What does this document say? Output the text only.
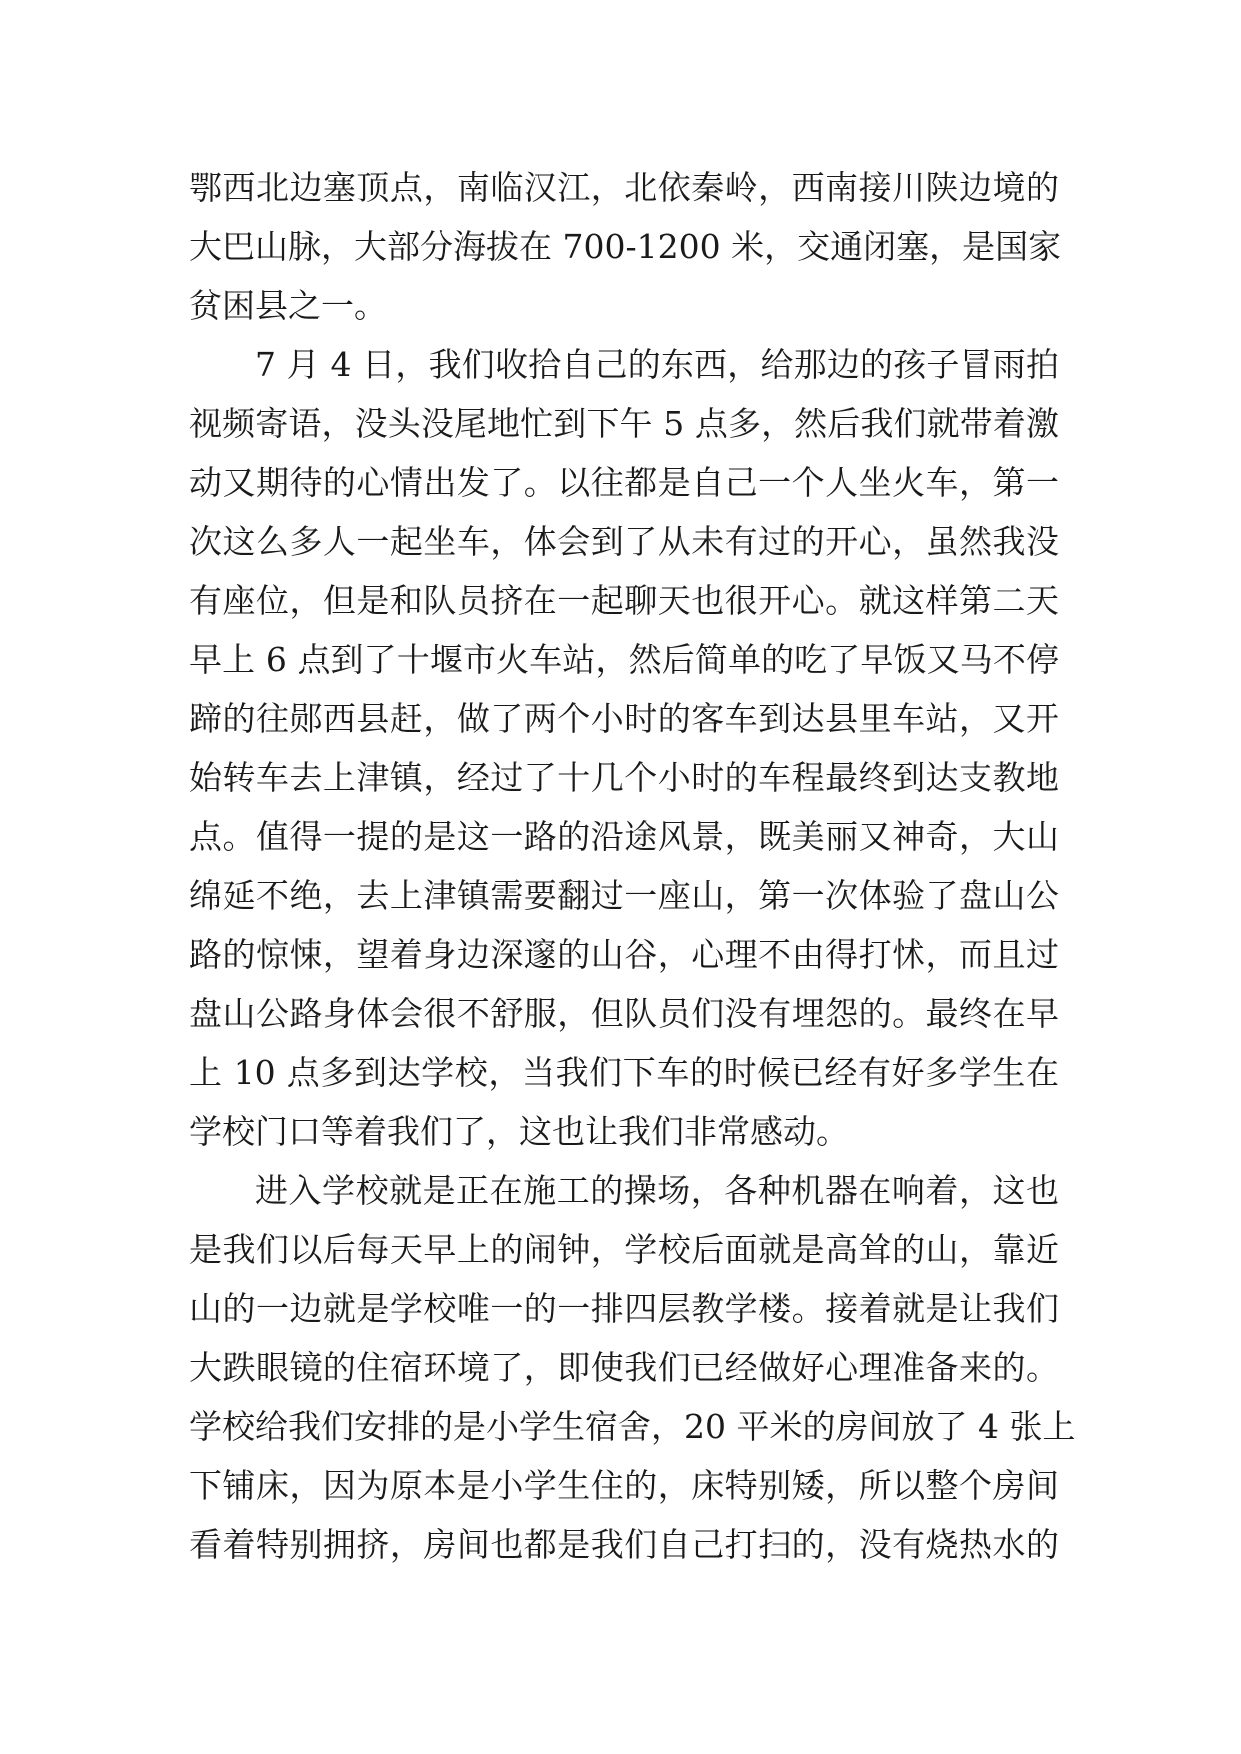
鄂西北边塞顶点，南临汉江，北依秦岭，西南接川陕边境的
大巴山脉，大部分海拔在 700-1200 米，交通闭塞，是国家
贫困县之一。
7 月 4 日，我们收拾自己的东西，给那边的孩子冒雨拍
视频寄语，没头没尾地忙到下午 5 点多，然后我们就带着激
动又期待的心情出发了。以往都是自己一个人坐火车，第一
次这么多人一起坐车，体会到了从未有过的开心，虽然我没
有座位，但是和队员挤在一起聊天也很开心。就这样第二天
早上 6 点到了十堰市火车站，然后简单的吃了早饭又马不停
蹄的往郧西县赶，做了两个小时的客车到达县里车站，又开
始转车去上津镇，经过了十几个小时的车程最终到达支教地
点。值得一提的是这一路的沿途风景，既美丽又神奇，大山
绵延不绝，去上津镇需要翻过一座山，第一次体验了盘山公
路的惊悚，望着身边深邃的山谷，心理不由得打怵，而且过
盘山公路身体会很不舒服，但队员们没有埋怨的。最终在早
上 10 点多到达学校，当我们下车的时候已经有好多学生在
学校门口等着我们了，这也让我们非常感动。
进入学校就是正在施工的操场，各种机器在响着，这也
是我们以后每天早上的闹钟，学校后面就是高耸的山，靠近
山的一边就是学校唯一的一排四层教学楼。接着就是让我们
大跌眼镜的住宿环境了，即使我们已经做好心理准备来的。
学校给我们安排的是小学生宿舍，20 平米的房间放了 4 张上
下铺床，因为原本是小学生住的，床特别矮，所以整个房间
看着特别拥挤，房间也都是我们自己打扫的，没有烧热水的
